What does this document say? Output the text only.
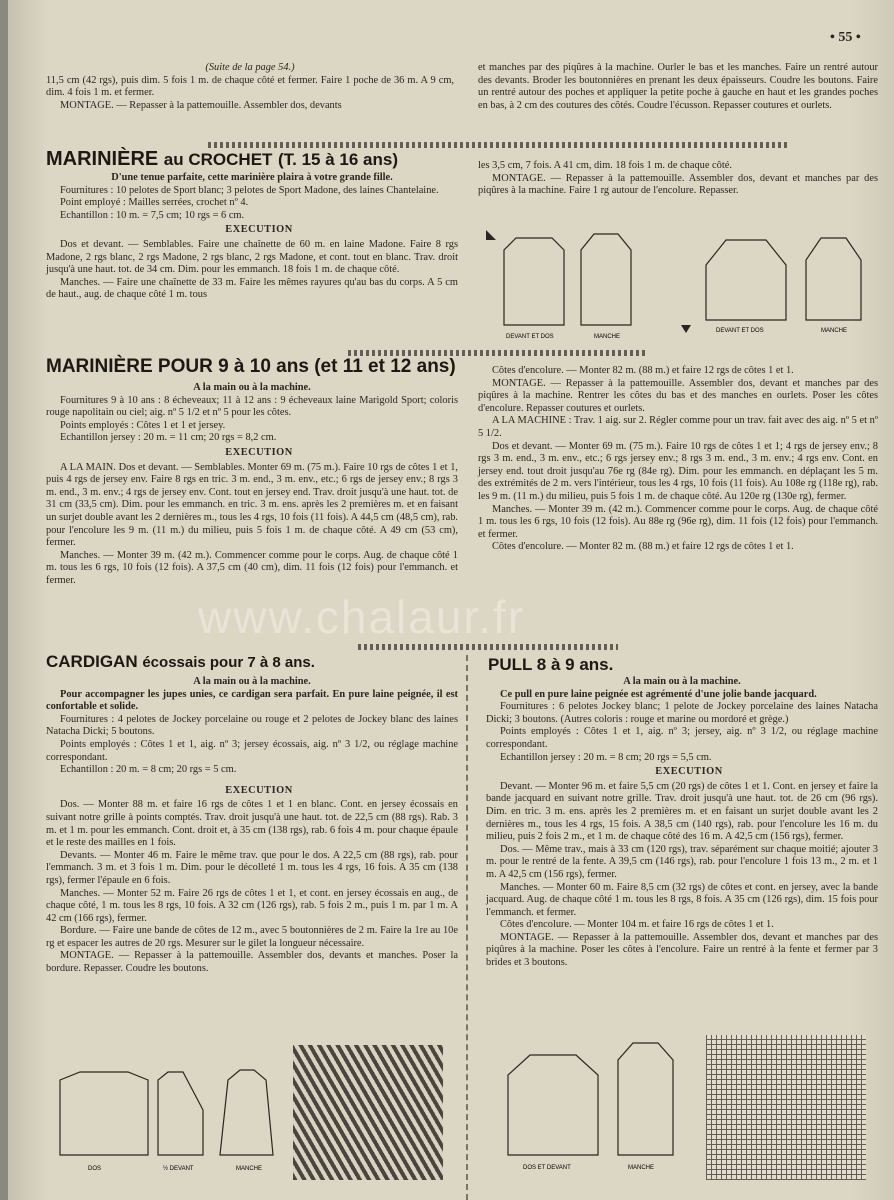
• 55 •

(Suite de la page 54.)

11,5 cm (42 rgs), puis dim. 5 fois 1 m. de chaque côté et fermer. Faire 1 poche de 36 m. A 9 cm, dim. 4 fois 1 m. et fermer.

MONTAGE. — Repasser à la pattemouille. Assembler dos, devants

et manches par des piqûres à la machine. Ourler le bas et les manches. Faire un rentré autour des devants. Broder les boutonnières en prenant les deux épaisseurs. Coudre les boutons. Faire un rentré autour des poches et appliquer la petite poche à gauche en haut et les grandes poches en bas, à 2 cm des coutures des côtés. Coudre l'écusson. Repasser coutures et ourlets.

MARINIÈRE au CROCHET (T. 15 à 16 ans)

D'une tenue parfaite, cette marinière plaira à votre grande fille.

Fournitures : 10 pelotes de Sport blanc; 3 pelotes de Sport Madone, des laines Chantelaine.

Point employé : Mailles serrées, crochet nº 4.

Echantillon : 10 m. = 7,5 cm; 10 rgs = 6 cm.

EXECUTION

Dos et devant. — Semblables. Faire une chaînette de 60 m. en laine Madone. Faire 8 rgs Madone, 2 rgs blanc, 2 rgs Madone, 2 rgs blanc, 2 rgs Madone, et cont. tout en blanc. Trav. droit jusqu'à une haut. tot. de 34 cm. Dim. pour les emmanch. 18 fois 1 m. de chaque côté.

Manches. — Faire une chaînette de 33 m. Faire les mêmes rayures qu'au bas du corps. A 5 cm de haut., aug. de chaque côté 1 m. tous

les 3,5 cm, 7 fois. A 41 cm, dim. 18 fois 1 m. de chaque côté.

MONTAGE. — Repasser à la pattemouille. Assembler dos, devant et manches par des piqûres à la machine. Faire 1 rg autour de l'encolure. Repasser.

DEVANT ET DOS	MANCHE
DEVANT ET DOS	MANCHE
MARINIÈRE POUR 9 à 10 ans (et 11 et 12 ans)

A la main ou à la machine.

Fournitures 9 à 10 ans : 8 écheveaux; 11 à 12 ans : 9 écheveaux laine Marigold Sport; coloris rouge napolitain ou ciel; aig. nº 5 1/2 et nº 5 pour les côtes.

Points employés : Côtes 1 et 1 et jersey.

Echantillon jersey : 20 m. = 11 cm; 20 rgs = 8,2 cm.

EXECUTION

A LA MAIN. Dos et devant. — Semblables. Monter 69 m. (75 m.). Faire 10 rgs de côtes 1 et 1, puis 4 rgs de jersey env. Faire 8 rgs en tric. 3 m. end., 3 m. env., etc.; 6 rgs de jersey env.; 8 rgs 3 m. end., 3 m. env.; 4 rgs de jersey env. Cont. tout en jersey end. Trav. droit jusqu'à une haut. tot. de 31 cm (33,5 cm). Dim. pour les emmanch. en tric. 3 m. ens. après les 2 premières m. et en faisant un surjet double avant les 2 dernières m., tous les 4 rgs, 10 fois (11 fois). A 44,5 cm (48,5 cm), rab. pour l'encolure les 9 m. (11 m.) du milieu, puis 5 fois 1 m. de chaque côté. A 49 cm (53 cm), fermer.

Manches. — Monter 39 m. (42 m.). Commencer comme pour le corps. Aug. de chaque côté 1 m. tous les 6 rgs, 10 fois (12 fois). A 37,5 cm (40 cm), dim. 11 fois (12 fois) pour l'emmanch. et fermer.

Côtes d'encolure. — Monter 82 m. (88 m.) et faire 12 rgs de côtes 1 et 1.

MONTAGE. — Repasser à la pattemouille. Assembler dos, devant et manches par des piqûres à la machine. Rentrer les côtes du bas et des manches en ourlets. Poser les côtes d'encolure. Repasser coutures et ourlets.

A LA MACHINE : Trav. 1 aig. sur 2. Régler comme pour un trav. fait avec des aig. nº 5 et nº 5 1/2.

Dos et devant. — Monter 69 m. (75 m.). Faire 10 rgs de côtes 1 et 1; 4 rgs de jersey env.; 8 rgs 3 m. end., 3 m. env., etc.; 6 rgs jersey env.; 8 rgs 3 m. end., 3 m. env.; 4 rgs env. Cont. en jersey end. tout droit jusqu'au 76e rg (84e rg). Dim. pour les emmanch. en déplaçant les 5 m. des extrémités de 2 m. vers l'intérieur, tous les 4 rgs, 10 fois (11 fois). Au 108e rg (118e rg), rab. les 9 m. (11 m.) du milieu, puis 5 fois 1 m. de chaque côté. Au 120e rg (130e rg), fermer.

Manches. — Monter 39 m. (42 m.). Commencer comme pour le corps. Aug. de chaque côté 1 m. tous les 6 rgs, 10 fois (12 fois). Au 88e rg (96e rg), dim. 11 fois (12 fois) pour l'emmanch. et fermer.

Côtes d'encolure. — Monter 82 m. (88 m.) et faire 12 rgs de côtes 1 et 1.

www.chalaur.fr
CARDIGAN écossais pour 7 à 8 ans.

A la main ou à la machine.

Pour accompagner les jupes unies, ce cardigan sera parfait. En pure laine peignée, il est confortable et solide.

Fournitures : 4 pelotes de Jockey porcelaine ou rouge et 2 pelotes de Jockey blanc des laines Natacha Dicki; 5 boutons.

Points employés : Côtes 1 et 1, aig. nº 3; jersey écossais, aig. nº 3 1/2, ou réglage machine correspondant.

Echantillon : 20 m. = 8 cm; 20 rgs = 5 cm.

EXECUTION

Dos. — Monter 88 m. et faire 16 rgs de côtes 1 et 1 en blanc. Cont. en jersey écossais en suivant notre grille à points comptés. Trav. droit jusqu'à une haut. tot. de 22,5 cm (88 rgs). Rab. 3 m. et 1 m. pour les emmanch. Cont. droit et, à 35 cm (138 rgs), rab. 6 fois 4 m. pour chaque épaule et le reste des mailles en 1 fois.

Devants. — Monter 46 m. Faire le même trav. que pour le dos. A 22,5 cm (88 rgs), rab. pour l'emmanch. 3 m. et 3 fois 1 m. Dim. pour le décolleté 1 m. tous les 4 rgs, 16 fois. A 35 cm (138 rgs), fermer l'épaule en 6 fois.

Manches. — Monter 52 m. Faire 26 rgs de côtes 1 et 1, et cont. en jersey écossais en aug., de chaque côté, 1 m. tous les 8 rgs, 10 fois. A 32 cm (126 rgs), rab. 5 fois 2 m., puis 1 m. par 1 m. A 42 cm (166 rgs), fermer.

Bordure. — Faire une bande de côtes de 12 m., avec 5 boutonnières de 2 m. Faire la 1re au 10e rg et espacer les autres de 20 rgs. Mesurer sur le gilet la longueur nécessaire.

MONTAGE. — Repasser à la pattemouille. Assembler dos, devants et manches. Poser la bordure. Repasser. Coudre les boutons.

DOS	½ DEVANT	MANCHE
PULL 8 à 9 ans.

A la main ou à la machine.

Ce pull en pure laine peignée est agrémenté d'une jolie bande jacquard.

Fournitures : 6 pelotes Jockey blanc; 1 pelote de Jockey porcelaine des laines Natacha Dicki; 3 boutons. (Autres coloris : rouge et marine ou mordoré et grège.)

Points employés : Côtes 1 et 1, aig. nº 3; jersey, aig. nº 3 1/2, ou réglage machine correspondant.

Echantillon jersey : 20 m. = 8 cm; 20 rgs = 5,5 cm.

EXECUTION

Devant. — Monter 96 m. et faire 5,5 cm (20 rgs) de côtes 1 et 1. Cont. en jersey et faire la bande jacquard en suivant notre grille. Trav. droit jusqu'à une haut. tot. de 26 cm (96 rgs). Dim. en tric. 3 m. ens. après les 2 premières m. et en faisant un surjet double avant les 2 dernières m., tous les 4 rgs, 15 fois. A 38,5 cm (140 rgs), rab. pour l'encolure les 16 m. du milieu, puis 2 fois 2 m., et 1 m. de chaque côté des 16 m. A 42,5 cm (156 rgs), fermer.

Dos. — Même trav., mais à 33 cm (120 rgs), trav. séparément sur chaque moitié; ajouter 3 m. pour le rentré de la fente. A 39,5 cm (146 rgs), rab. pour l'encolure 1 fois 13 m., 2 m. et 1 m. A 42,5 cm (156 rgs), fermer.

Manches. — Monter 60 m. Faire 8,5 cm (32 rgs) de côtes et cont. en jersey, avec la bande jacquard. Aug. de chaque côté 1 m. tous les 8 rgs, 8 fois. A 35 cm (126 rgs), dim. 15 fois pour l'emmanch. et fermer.

Côtes d'encolure. — Monter 104 m. et faire 16 rgs de côtes 1 et 1.

MONTAGE. — Repasser à la pattemouille. Assembler dos, devant et manches par des piqûres à la machine. Poser les côtes à l'encolure. Faire un rentré à la fente et fermer par 3 brides et 3 boutons.

DOS ET DEVANT	MANCHE
